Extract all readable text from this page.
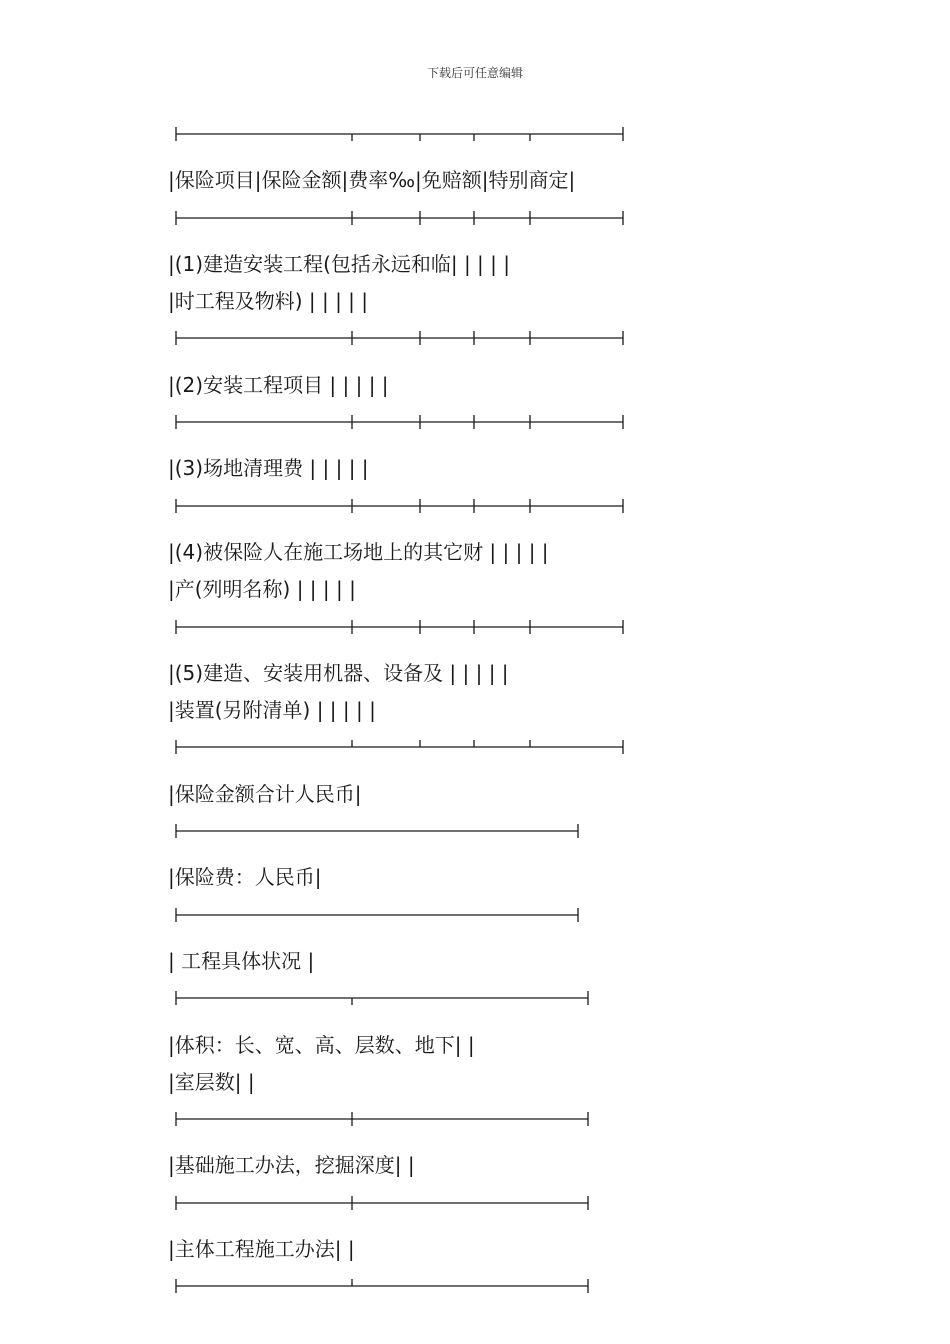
下载后可任意编辑
|保险项目|保险金额|费率‰|免赔额|特别商定|
|(1)建造安装工程(包括永远和临| | | | |
|时工程及物料) | | | | |
|(2)安装工程项目 | | | | |
|(3)场地清理费 | | | | |
|(4)被保险人在施工场地上的其它财 | | | | |
|产(列明名称) | | | | |
|(5)建造、安装用机器、设备及 | | | | |
|装置(另附清单) | | | | |
|保险金额合计人民币|
|保险费：人民币|
| 工程具体状况 |
|体积：长、宽、高、层数、地下| |
|室层数| |
|基础施工办法，挖掘深度| |
|主体工程施工办法| |
